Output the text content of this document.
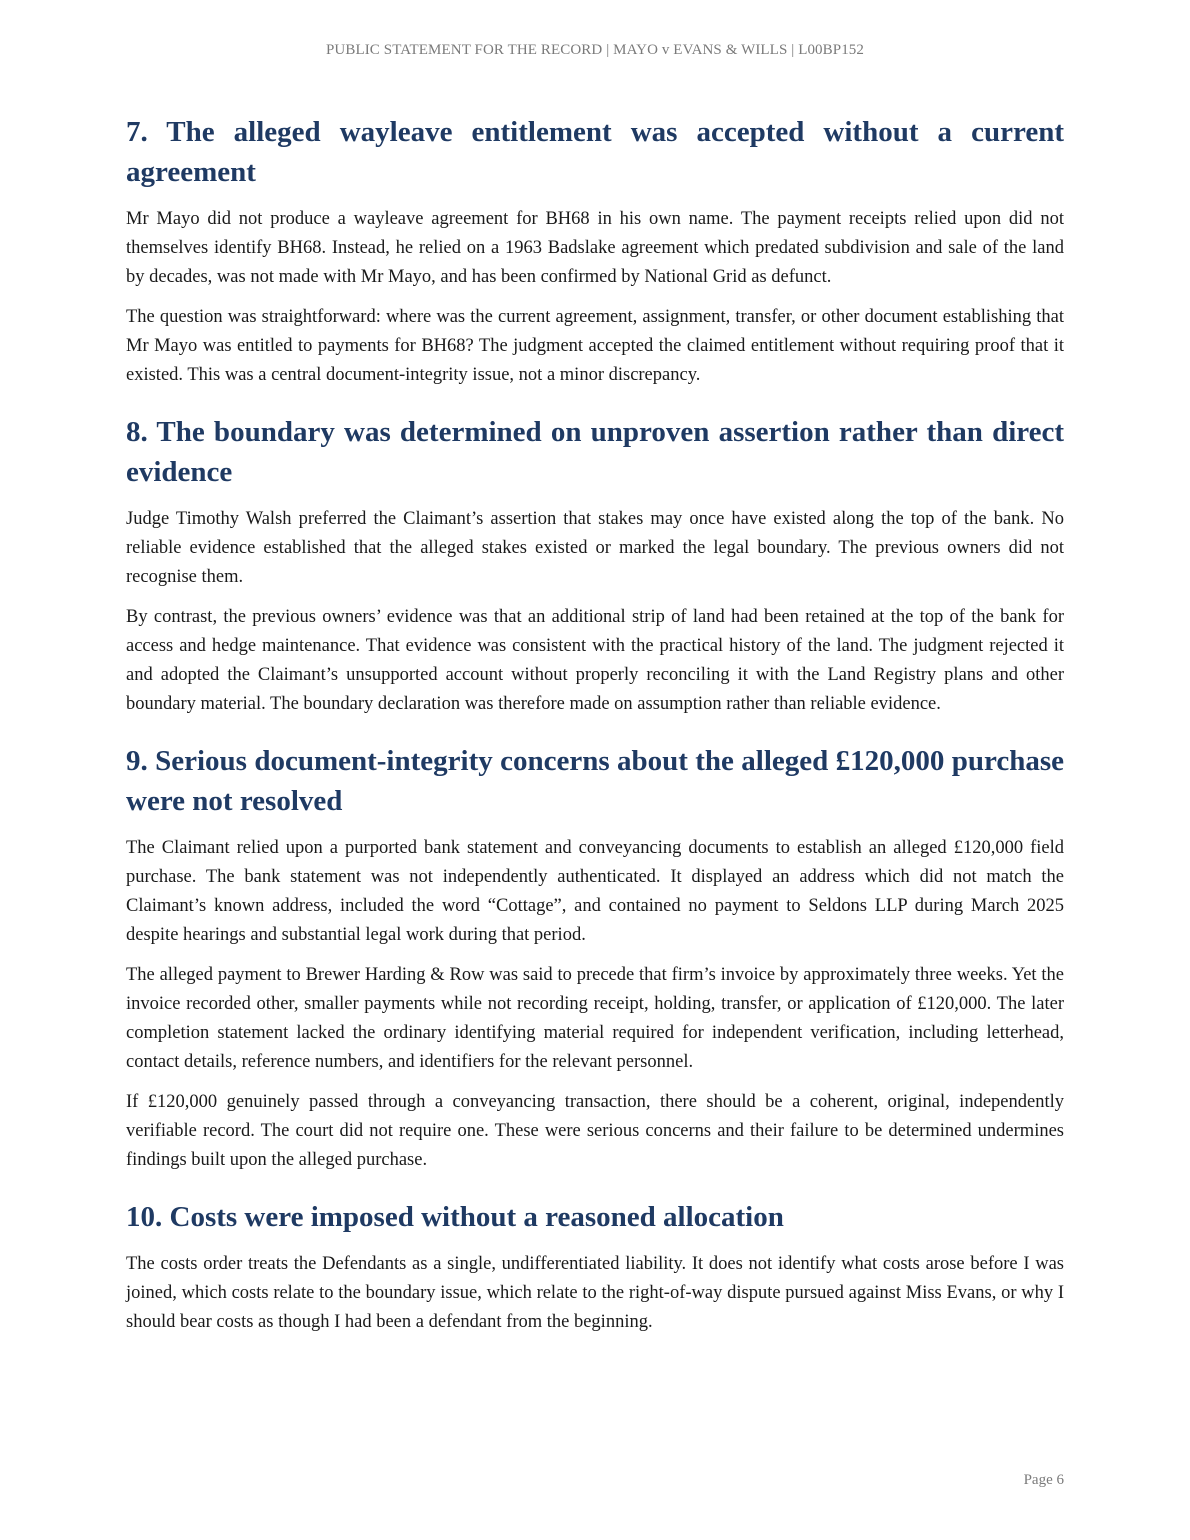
PUBLIC STATEMENT FOR THE RECORD | MAYO v EVANS & WILLS | L00BP152
7. The alleged wayleave entitlement was accepted without a current agreement

Mr Mayo did not produce a wayleave agreement for BH68 in his own name. The payment receipts relied upon did not themselves identify BH68. Instead, he relied on a 1963 Badslake agreement which predated subdivision and sale of the land by decades, was not made with Mr Mayo, and has been confirmed by National Grid as defunct.

The question was straightforward: where was the current agreement, assignment, transfer, or other document establishing that Mr Mayo was entitled to payments for BH68? The judgment accepted the claimed entitlement without requiring proof that it existed. This was a central document-integrity issue, not a minor discrepancy.

8. The boundary was determined on unproven assertion rather than direct evidence

Judge Timothy Walsh preferred the Claimant’s assertion that stakes may once have existed along the top of the bank. No reliable evidence established that the alleged stakes existed or marked the legal boundary. The previous owners did not recognise them.

By contrast, the previous owners’ evidence was that an additional strip of land had been retained at the top of the bank for access and hedge maintenance. That evidence was consistent with the practical history of the land. The judgment rejected it and adopted the Claimant’s unsupported account without properly reconciling it with the Land Registry plans and other boundary material. The boundary declaration was therefore made on assumption rather than reliable evidence.

9. Serious document-integrity concerns about the alleged £120,000 purchase were not resolved

The Claimant relied upon a purported bank statement and conveyancing documents to establish an alleged £120,000 field purchase. The bank statement was not independently authenticated. It displayed an address which did not match the Claimant’s known address, included the word “Cottage”, and contained no payment to Seldons LLP during March 2025 despite hearings and substantial legal work during that period.

The alleged payment to Brewer Harding & Row was said to precede that firm’s invoice by approximately three weeks. Yet the invoice recorded other, smaller payments while not recording receipt, holding, transfer, or application of £120,000. The later completion statement lacked the ordinary identifying material required for independent verification, including letterhead, contact details, reference numbers, and identifiers for the relevant personnel.

If £120,000 genuinely passed through a conveyancing transaction, there should be a coherent, original, independently verifiable record. The court did not require one. These were serious concerns and their failure to be determined undermines findings built upon the alleged purchase.

10. Costs were imposed without a reasoned allocation

The costs order treats the Defendants as a single, undifferentiated liability. It does not identify what costs arose before I was joined, which costs relate to the boundary issue, which relate to the right-of-way dispute pursued against Miss Evans, or why I should bear costs as though I had been a defendant from the beginning.

Page 6
